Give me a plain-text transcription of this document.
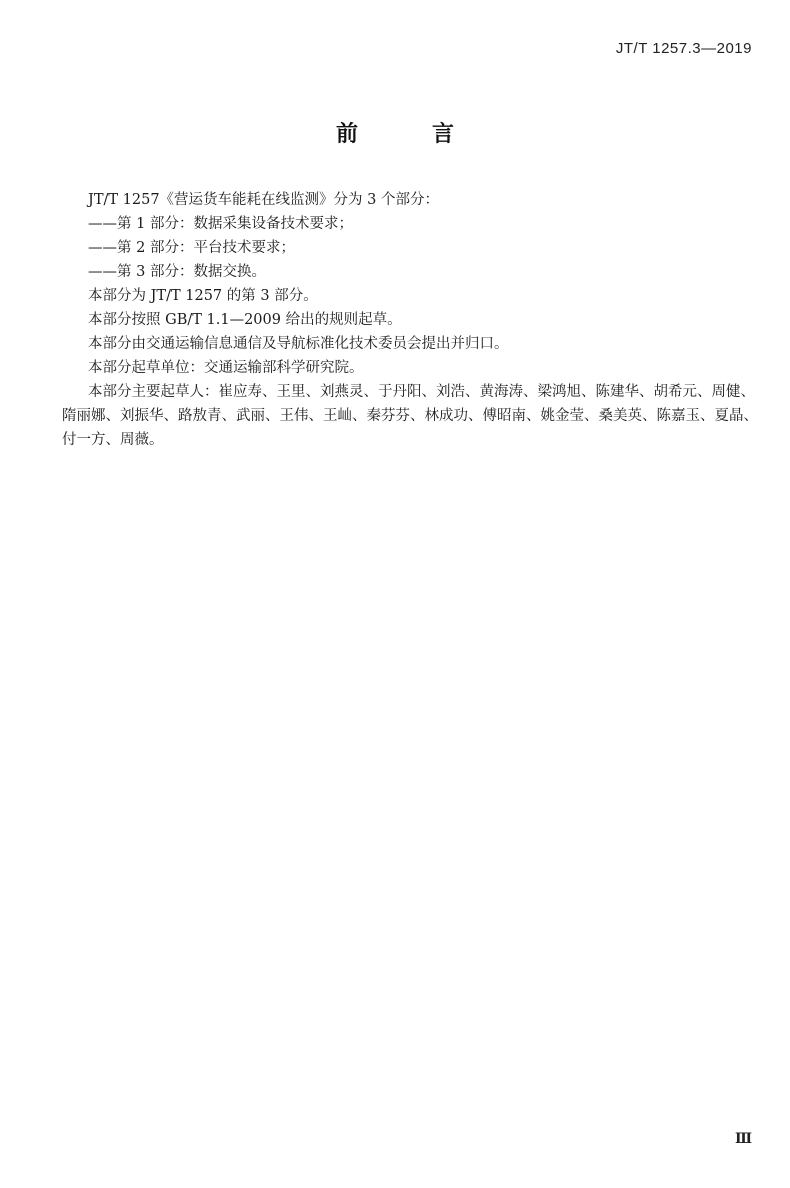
JT/T 1257.3—2019
前　言

JT/T 1257《营运货车能耗在线监测》分为 3 个部分：

——第 1 部分：数据采集设备技术要求；

——第 2 部分：平台技术要求；

——第 3 部分：数据交换。

本部分为 JT/T 1257 的第 3 部分。

本部分按照 GB/T 1.1—2009 给出的规则起草。

本部分由交通运输信息通信及导航标准化技术委员会提出并归口。

本部分起草单位：交通运输部科学研究院。

本部分主要起草人：崔应寿、王里、刘燕灵、于丹阳、刘浩、黄海涛、梁鸿旭、陈建华、胡希元、周健、
隋丽娜、刘振华、路敖青、武丽、王伟、王屾、秦芬芬、林成功、傅昭南、姚金莹、桑美英、陈嘉玉、夏晶、
付一方、周薇。
Ⅲ
